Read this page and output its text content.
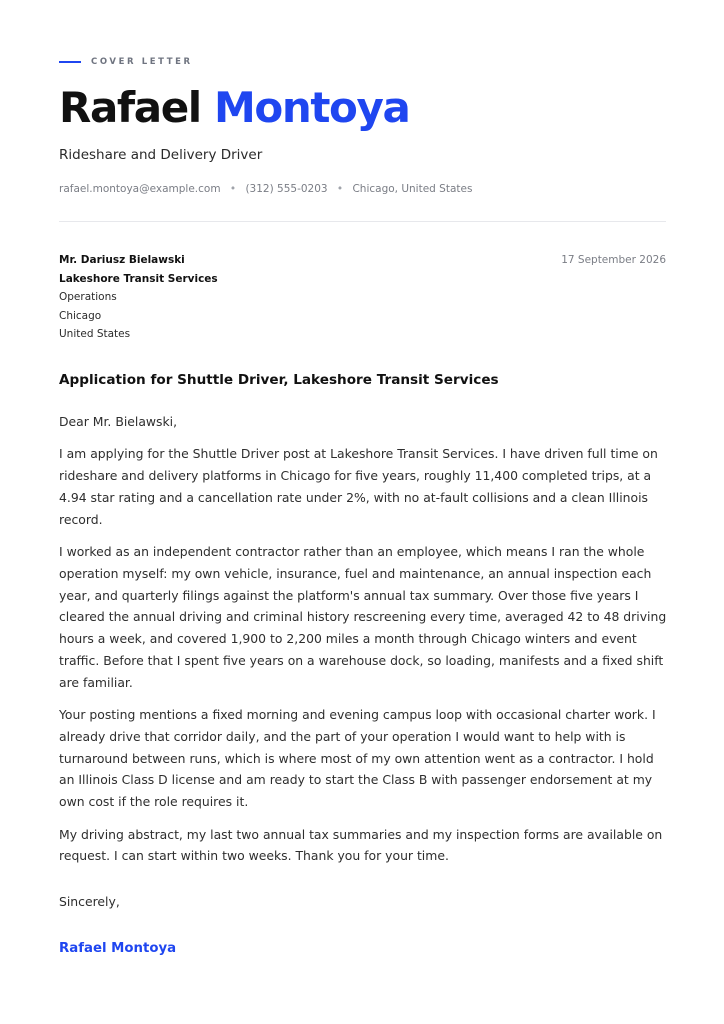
COVER LETTER
Rafael Montoya
Rideshare and Delivery Driver
rafael.montoya@example.com • (312) 555-0203 • Chicago, United States
Mr. Dariusz Bielawski
Lakeshore Transit Services
Operations
Chicago
United States
17 September 2026
Application for Shuttle Driver, Lakeshore Transit Services

Dear Mr. Bielawski,

I am applying for the Shuttle Driver post at Lakeshore Transit Services. I have driven full time on rideshare and delivery platforms in Chicago for five years, roughly 11,400 completed trips, at a 4.94 star rating and a cancellation rate under 2%, with no at-fault collisions and a clean Illinois record.

I worked as an independent contractor rather than an employee, which means I ran the whole operation myself: my own vehicle, insurance, fuel and maintenance, an annual inspection each year, and quarterly filings against the platform's annual tax summary. Over those five years I cleared the annual driving and criminal history rescreening every time, averaged 42 to 48 driving hours a week, and covered 1,900 to 2,200 miles a month through Chicago winters and event traffic. Before that I spent five years on a warehouse dock, so loading, manifests and a fixed shift are familiar.

Your posting mentions a fixed morning and evening campus loop with occasional charter work. I already drive that corridor daily, and the part of your operation I would want to help with is turnaround between runs, which is where most of my own attention went as a contractor. I hold an Illinois Class D license and am ready to start the Class B with passenger endorsement at my own cost if the role requires it.

My driving abstract, my last two annual tax summaries and my inspection forms are available on request. I can start within two weeks. Thank you for your time.

Sincerely,
Rafael Montoya
